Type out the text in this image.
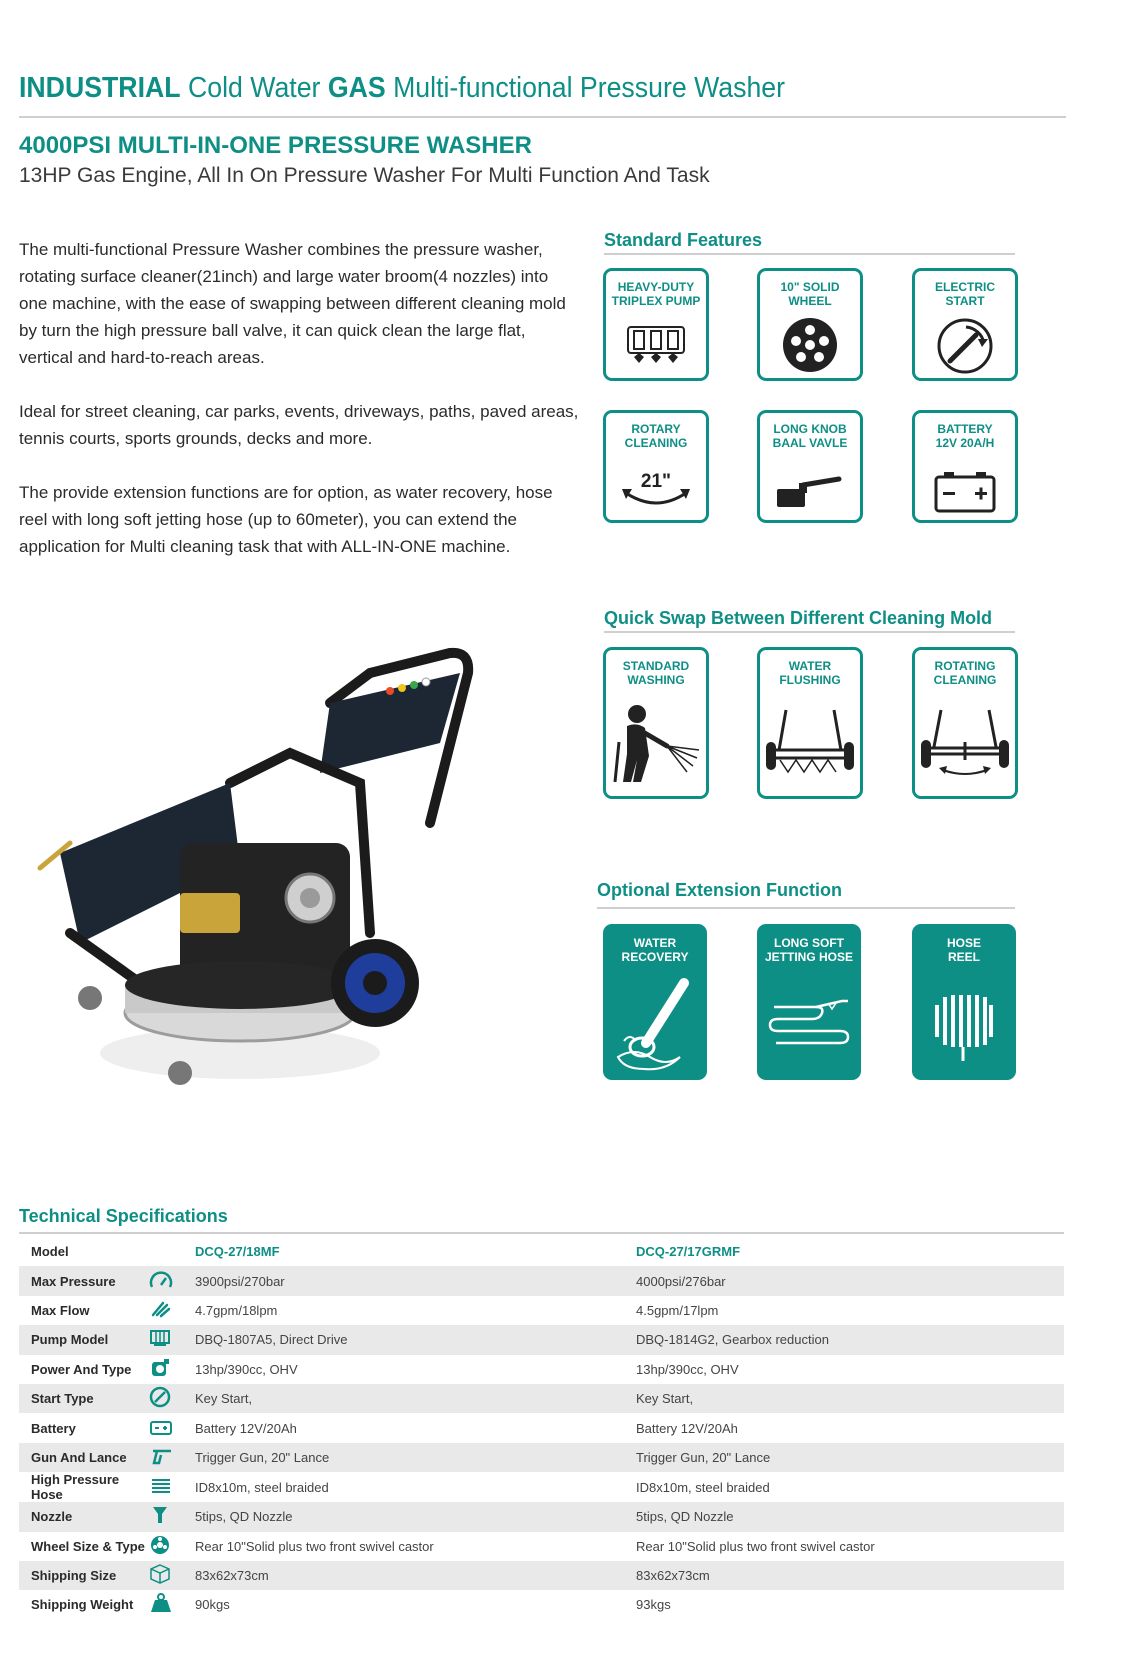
INDUSTRIAL Cold Water GAS Multi-functional Pressure Washer
4000PSI MULTI-IN-ONE PRESSURE WASHER
13HP Gas Engine, All In On Pressure Washer For Multi Function And Task

The multi-functional Pressure Washer combines the pressure washer, rotating surface cleaner(21inch) and large water broom(4 nozzles) into one machine, with the ease of swapping between different cleaning mold by turn the high pressure ball valve, it can quick clean the large flat, vertical and hard-to-reach areas.

Ideal for street cleaning, car parks, events, driveways, paths, paved areas, tennis courts, sports grounds, decks and more.

The provide extension functions are for option, as water recovery, hose reel with long soft jetting hose (up to 60meter), you can extend the application for Multi cleaning task that with ALL-IN-ONE machine.

Standard Features
HEAVY-DUTY
TRIPLEX PUMP
10" SOLID
WHEEL
ELECTRIC
START
ROTARY
CLEANING
21"
LONG KNOB
BAAL VAVLE
BATTERY
12V 20A/H
Quick Swap Between Different Cleaning Mold
STANDARD
WASHING
WATER
FLUSHING
ROTATING
CLEANING
Optional Extension Function
WATER
RECOVERY
LONG SOFT
JETTING HOSE
HOSE
REEL
Technical Specifications
Model		DCQ-27/18MF	DCQ-27/17GRMF
Max Pressure		3900psi/270bar	4000psi/276bar
Max Flow		4.7gpm/18lpm	4.5gpm/17lpm
Pump Model		DBQ-1807A5, Direct Drive	DBQ-1814G2, Gearbox reduction
Power And Type		13hp/390cc, OHV	13hp/390cc, OHV
Start Type		Key Start,	Key Start,
Battery		Battery 12V/20Ah	Battery 12V/20Ah
Gun And Lance		Trigger Gun, 20" Lance	Trigger Gun, 20" Lance
High Pressure Hose		ID8x10m, steel braided	ID8x10m, steel braided
Nozzle		5tips, QD Nozzle	5tips, QD Nozzle
Wheel Size & Type		Rear 10"Solid plus two front swivel castor	Rear 10"Solid plus two front swivel castor
Shipping Size		83x62x73cm	83x62x73cm
Shipping Weight		90kgs	93kgs
